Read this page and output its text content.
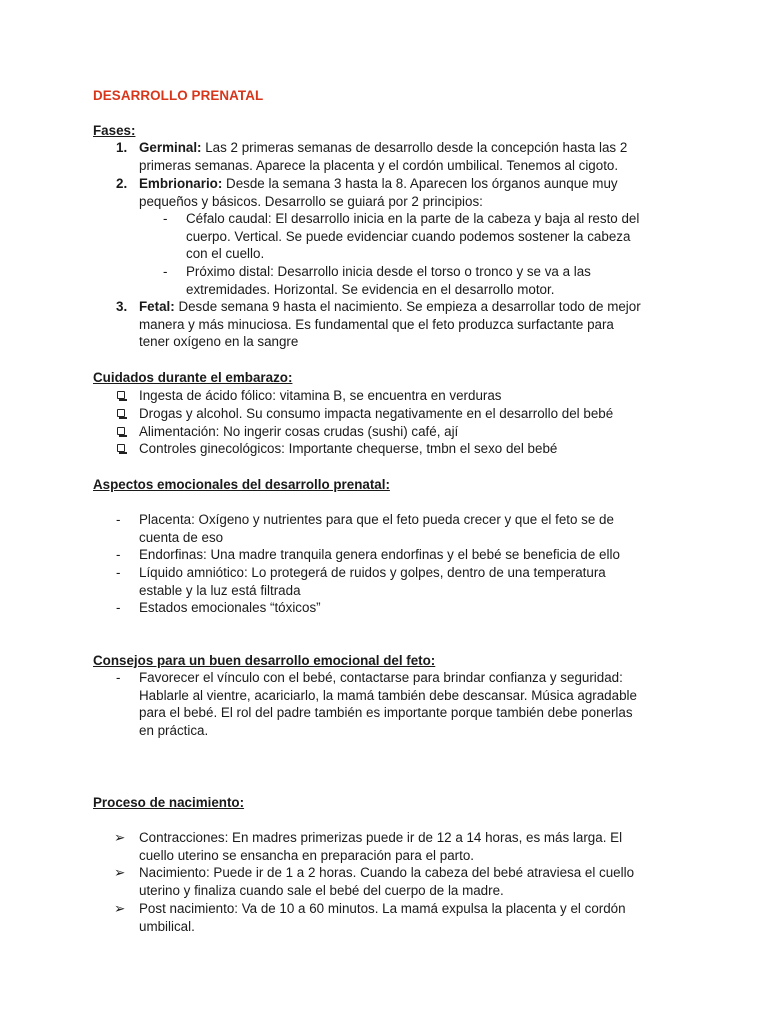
DESARROLLO PRENATAL
Fases:
1. Germinal: Las 2 primeras semanas de desarrollo desde la concepción hasta las 2
primeras semanas. Aparece la placenta y el cordón umbilical. Tenemos al cigoto.
2. Embrionario: Desde la semana 3 hasta la 8. Aparecen los órganos aunque muy
pequeños y básicos. Desarrollo se guiará por 2 principios:
- Céfalo caudal: El desarrollo inicia en la parte de la cabeza y baja al resto del
cuerpo. Vertical. Se puede evidenciar cuando podemos sostener la cabeza
con el cuello.
- Próximo distal: Desarrollo inicia desde el torso o tronco y se va a las
extremidades. Horizontal. Se evidencia en el desarrollo motor.
3. Fetal: Desde semana 9 hasta el nacimiento. Se empieza a desarrollar todo de mejor
manera y más minuciosa. Es fundamental que el feto produzca surfactante para
tener oxígeno en la sangre
Cuidados durante el embarazo:
Ingesta de ácido fólico: vitamina B, se encuentra en verduras
Drogas y alcohol. Su consumo impacta negativamente en el desarrollo del bebé
Alimentación: No ingerir cosas crudas (sushi) café, ají
Controles ginecológicos: Importante chequerse, tmbn el sexo del bebé
Aspectos emocionales del desarrollo prenatal:
- Placenta: Oxígeno y nutrientes para que el feto pueda crecer y que el feto se de
cuenta de eso
- Endorfinas: Una madre tranquila genera endorfinas y el bebé se beneficia de ello
- Líquido amniótico: Lo protegerá de ruidos y golpes, dentro de una temperatura
estable y la luz está filtrada
- Estados emocionales “tóxicos”
Consejos para un buen desarrollo emocional del feto:
- Favorecer el vínculo con el bebé, contactarse para brindar confianza y seguridad:
Hablarle al vientre, acariciarlo, la mamá también debe descansar. Música agradable
para el bebé. El rol del padre también es importante porque también debe ponerlas
en práctica.
Proceso de nacimiento:
➢ Contracciones: En madres primerizas puede ir de 12 a 14 horas, es más larga. El
cuello uterino se ensancha en preparación para el parto.
➢ Nacimiento: Puede ir de 1 a 2 horas. Cuando la cabeza del bebé atraviesa el cuello
uterino y finaliza cuando sale el bebé del cuerpo de la madre.
➢ Post nacimiento: Va de 10 a 60 minutos. La mamá expulsa la placenta y el cordón
umbilical.
